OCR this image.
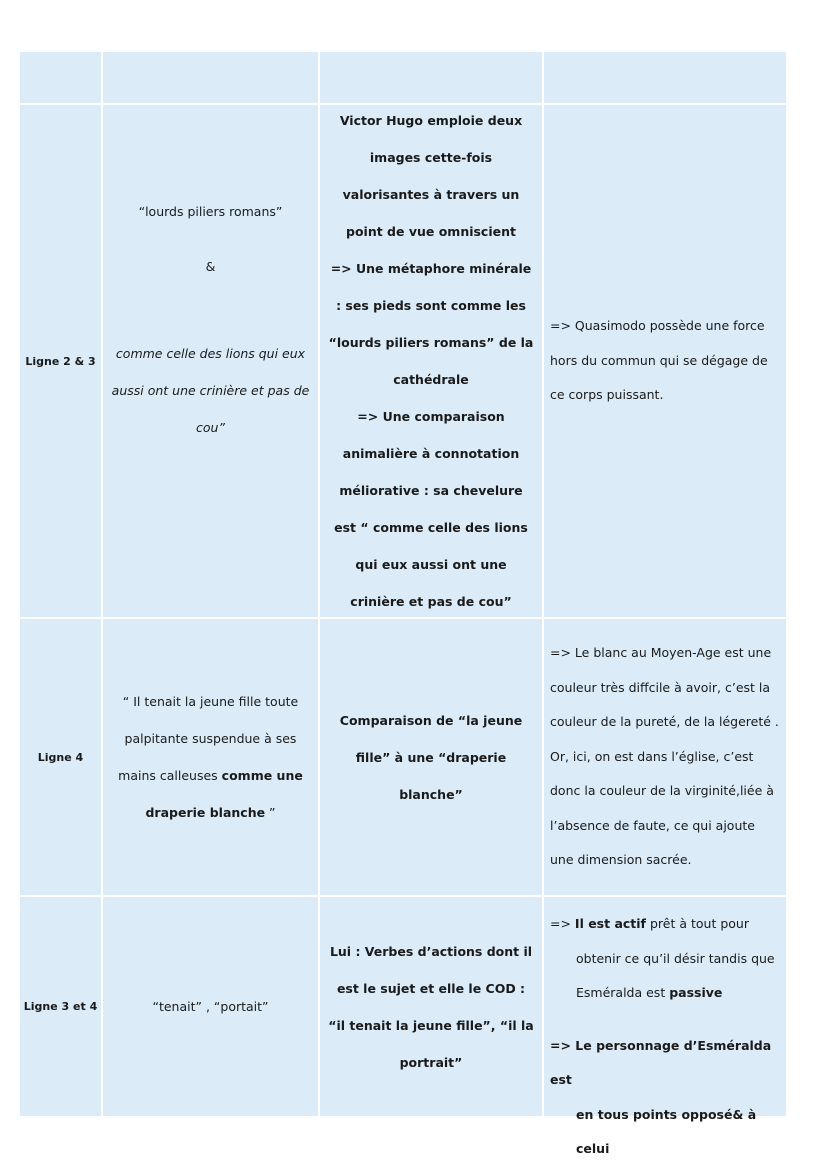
Ligne 2 & 3

“lourds piliers romans”

&

comme celle des lions qui eux aussi ont une crinière et pas de cou”

Victor Hugo emploie deux images cette-fois valorisantes à travers un point de vue omniscient

=> Une métaphore minérale : ses pieds sont comme les “lourds piliers romans” de la cathédrale

=> Une comparaison animalière à connotation méliorative : sa chevelure est “ comme celle des lions qui eux aussi ont une crinière et pas de cou”

=> Quasimodo possède une force hors du commun qui se dégage de ce corps puissant.

Ligne 4

“ Il tenait la jeune fille toute palpitante suspendue à ses mains calleuses comme une draperie blanche ”

Comparaison de “la jeune fille” à une “draperie blanche”

=> Le blanc au Moyen-Age est une couleur très diffcile à avoir, c’est la couleur de la pureté, de la légereté . Or, ici, on est dans l’église, c’est donc la couleur de la virginité,liée à l’absence de faute, ce qui ajoute une dimension sacrée.

Ligne 3 et 4	“tenait” , “portait”

Lui : Verbes d’actions dont il est le sujet et elle le COD : “il tenait la jeune fille”, “il la portrait”

=> Il est actif prêt à tout pour

obtenir ce qu’il désir tandis que Esméralda est passive

=> Le personnage d’Esméralda est

en tous points opposé& à celui
